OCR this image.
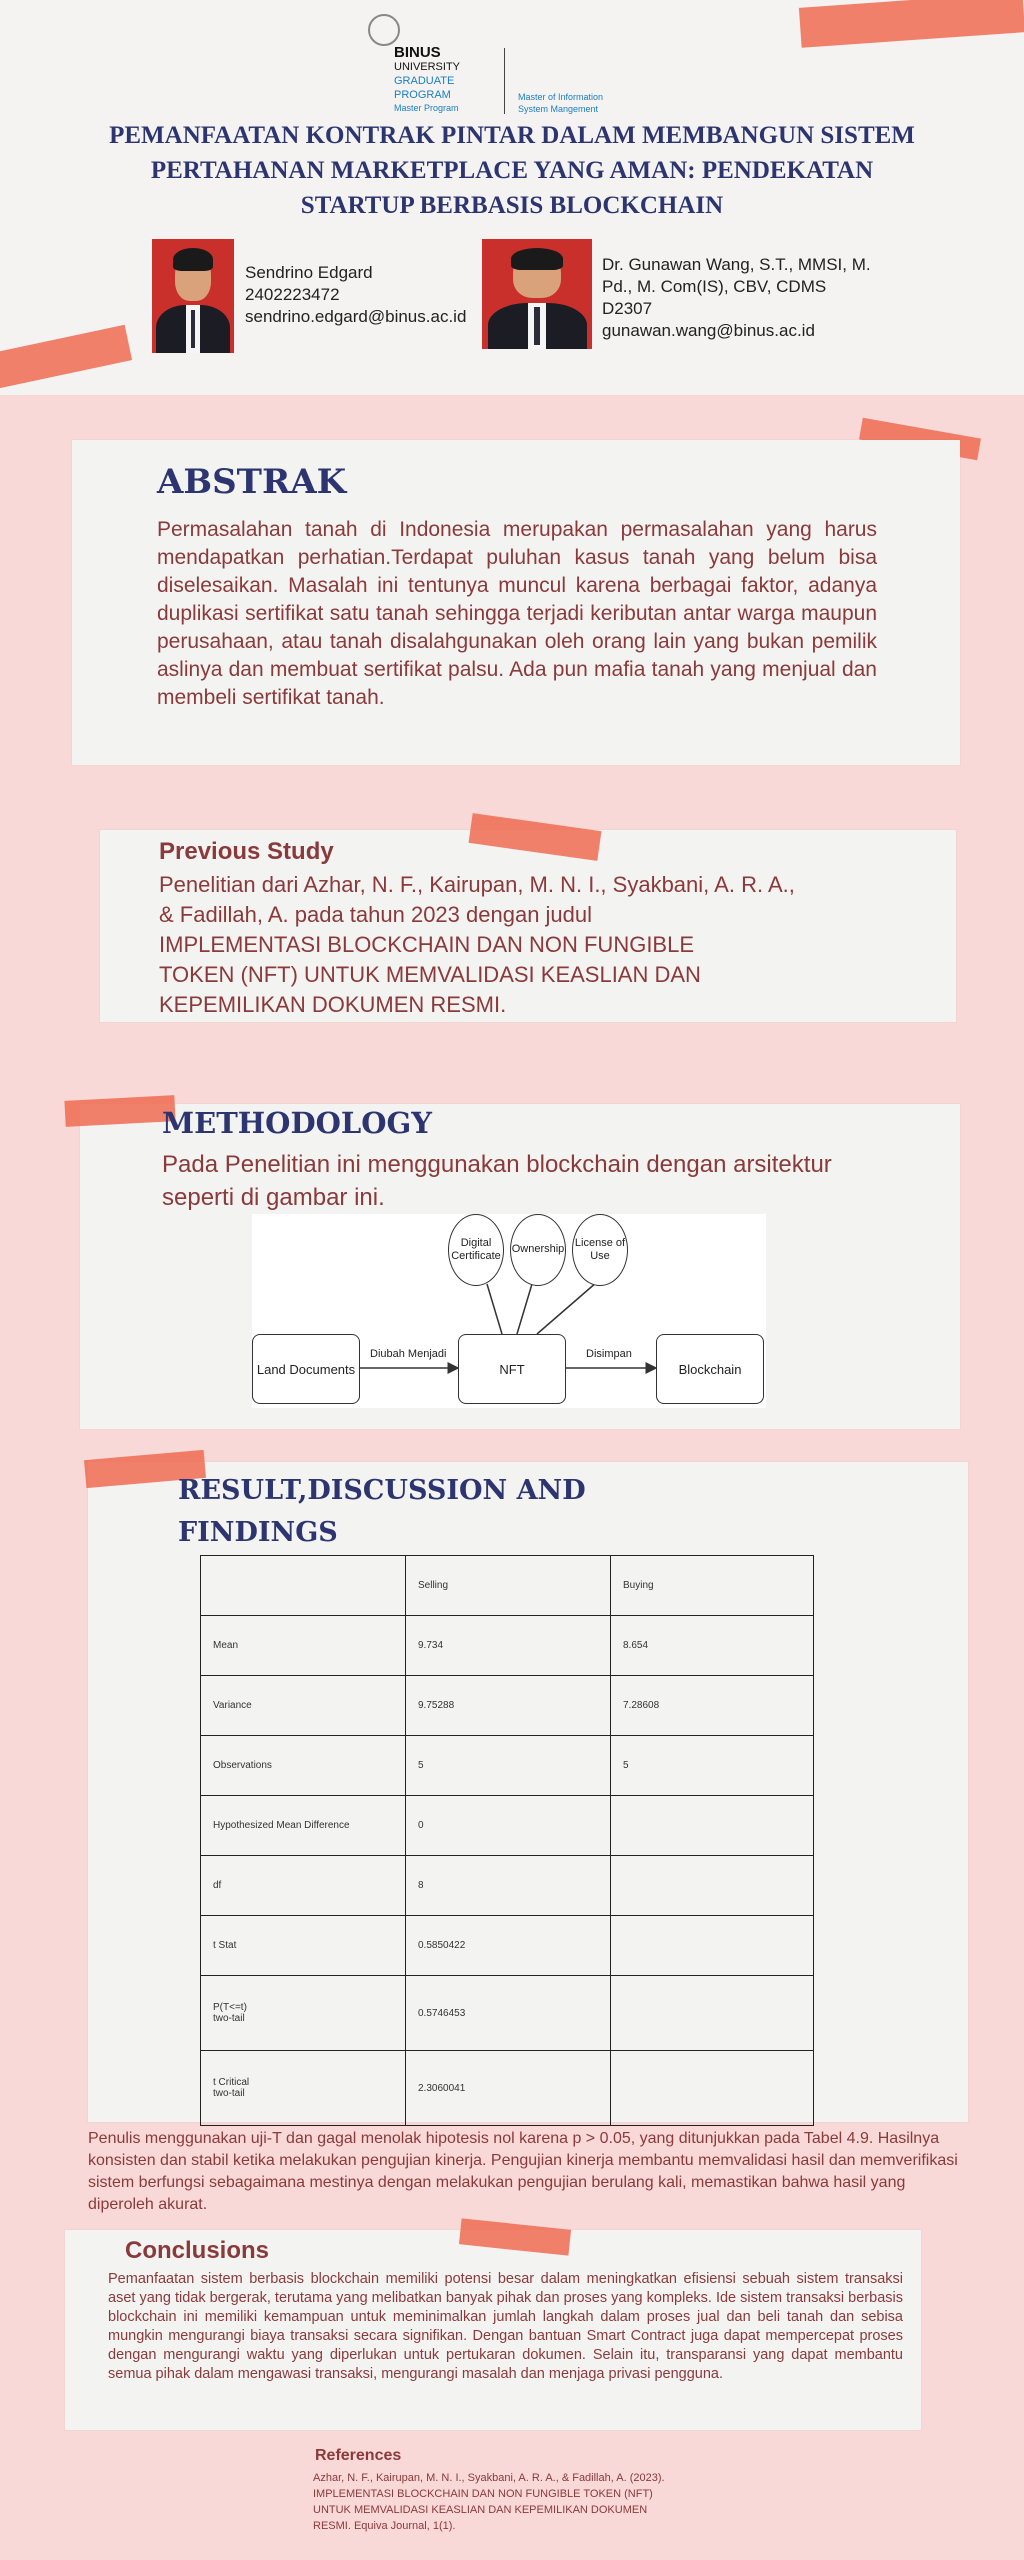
BINUS
UNIVERSITY
GRADUATE
PROGRAM
Master Program
Master of Information
System Mangement
PEMANFAATAN KONTRAK PINTAR DALAM MEMBANGUN SISTEM
PERTAHANAN MARKETPLACE YANG AMAN: PENDEKATAN
STARTUP BERBASIS BLOCKCHAIN
Sendrino Edgard
2402223472
sendrino.edgard@binus.ac.id
Dr. Gunawan Wang, S.T., MMSI, M.
Pd., M. Com(IS), CBV, CDMS
D2307
gunawan.wang@binus.ac.id
ABSTRAK
Permasalahan tanah di Indonesia merupakan permasalahan yang harus mendapatkan perhatian.Terdapat puluhan kasus tanah yang belum bisa diselesaikan. Masalah ini tentunya muncul karena berbagai faktor, adanya duplikasi sertifikat satu tanah sehingga terjadi keributan antar warga maupun perusahaan, atau tanah disalahgunakan oleh orang lain yang bukan pemilik aslinya dan membuat sertifikat palsu. Ada pun mafia tanah yang menjual dan membeli sertifikat tanah.
Previous Study
Penelitian dari Azhar, N. F., Kairupan, M. N. I., Syakbani, A. R. A.,
& Fadillah, A. pada tahun 2023 dengan judul
IMPLEMENTASI BLOCKCHAIN DAN NON FUNGIBLE
TOKEN (NFT) UNTUK MEMVALIDASI KEASLIAN DAN
KEPEMILIKAN DOKUMEN RESMI.
METHODOLOGY
Pada Penelitian ini menggunakan blockchain dengan arsitektur
seperti di gambar ini.
Digital
Certificate
Ownership
License of
Use
Land Documents	NFT	Blockchain
Diubah Menjadi	Disimpan
RESULT,DISCUSSION AND
FINDINGS
	Selling	Buying
Mean	9.734	8.654
Variance	9.75288	7.28608
Observations	5	5
Hypothesized Mean Difference	0	
df	8	
t Stat	0.5850422	
P(T<=t)
two-tail	0.5746453	
t Critical
two-tail	2.3060041	
Penulis menggunakan uji-T dan gagal menolak hipotesis nol karena p > 0.05, yang ditunjukkan pada Tabel 4.9. Hasilnya konsisten dan stabil ketika melakukan pengujian kinerja. Pengujian kinerja membantu memvalidasi hasil dan memverifikasi sistem berfungsi sebagaimana mestinya dengan melakukan pengujian berulang kali, memastikan bahwa hasil yang diperoleh akurat.
Conclusions
Pemanfaatan sistem berbasis blockchain memiliki potensi besar dalam meningkatkan efisiensi sebuah sistem transaksi aset yang tidak bergerak, terutama yang melibatkan banyak pihak dan proses yang kompleks. Ide sistem transaksi berbasis blockchain ini memiliki kemampuan untuk meminimalkan jumlah langkah dalam proses jual dan beli tanah dan sebisa mungkin mengurangi biaya transaksi secara signifikan. Dengan bantuan Smart Contract juga dapat mempercepat proses dengan mengurangi waktu yang diperlukan untuk pertukaran dokumen. Selain itu, transparansi yang dapat membantu semua pihak dalam mengawasi transaksi, mengurangi masalah dan menjaga privasi pengguna.
References
Azhar, N. F., Kairupan, M. N. I., Syakbani, A. R. A., & Fadillah, A. (2023).
IMPLEMENTASI BLOCKCHAIN DAN NON FUNGIBLE TOKEN (NFT)
UNTUK MEMVALIDASI KEASLIAN DAN KEPEMILIKAN DOKUMEN
RESMI. Equiva Journal, 1(1).
